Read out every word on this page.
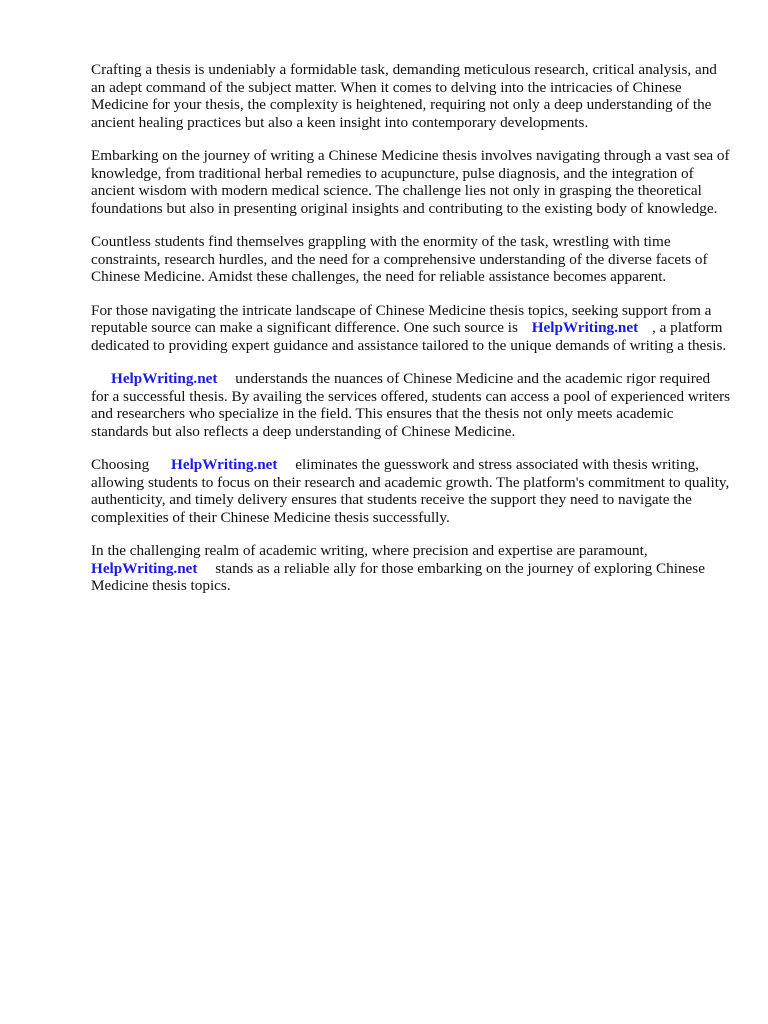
Crafting a thesis is undeniably a formidable task, demanding meticulous research, critical analysis, and an adept command of the subject matter. When it comes to delving into the intricacies of Chinese Medicine for your thesis, the complexity is heightened, requiring not only a deep understanding of the ancient healing practices but also a keen insight into contemporary developments.

Embarking on the journey of writing a Chinese Medicine thesis involves navigating through a vast sea of knowledge, from traditional herbal remedies to acupuncture, pulse diagnosis, and the integration of ancient wisdom with modern medical science. The challenge lies not only in grasping the theoretical foundations but also in presenting original insights and contributing to the existing body of knowledge.

Countless students find themselves grappling with the enormity of the task, wrestling with time constraints, research hurdles, and the need for a comprehensive understanding of the diverse facets of Chinese Medicine. Amidst these challenges, the need for reliable assistance becomes apparent.

For those navigating the intricate landscape of Chinese Medicine thesis topics, seeking support from a reputable source can make a significant difference. One such source is HelpWriting.net , a platform dedicated to providing expert guidance and assistance tailored to the unique demands of writing a thesis.

HelpWriting.net understands the nuances of Chinese Medicine and the academic rigor required for a successful thesis. By availing the services offered, students can access a pool of experienced writers and researchers who specialize in the field. This ensures that the thesis not only meets academic standards but also reflects a deep understanding of Chinese Medicine.

Choosing HelpWriting.net eliminates the guesswork and stress associated with thesis writing, allowing students to focus on their research and academic growth. The platform's commitment to quality, authenticity, and timely delivery ensures that students receive the support they need to navigate the complexities of their Chinese Medicine thesis successfully.

In the challenging realm of academic writing, where precision and expertise are paramount, HelpWriting.net stands as a reliable ally for those embarking on the journey of exploring Chinese Medicine thesis topics.
